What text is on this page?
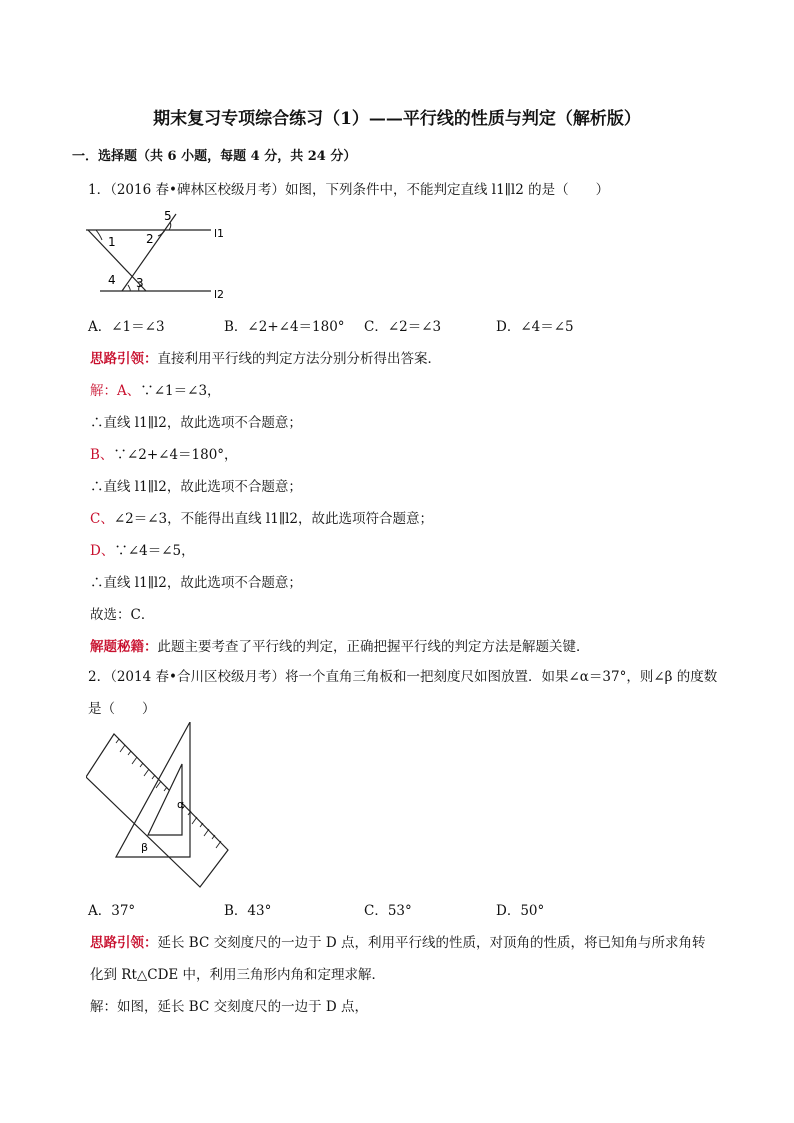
期末复习专项综合练习（1）——平行线的性质与判定（解析版）
一．选择题（共 6 小题，每题 4 分，共 24 分）
1．（2016 春•碑林区校级月考）如图，下列条件中，不能判定直线 l1∥l2 的是（　　）
1	2
3
4
5
l1
l2
A．∠1＝∠3	B．∠2+∠4＝180° C．∠2＝∠3	D．∠4＝∠5
思路引领：直接利用平行线的判定方法分别分析得出答案．
解：A、∵∠1＝∠3，
∴直线 l1∥l2，故此选项不合题意；
B、∵∠2+∠4＝180°，
∴直线 l1∥l2，故此选项不合题意；
C、∠2＝∠3，不能得出直线 l1∥l2，故此选项符合题意；
D、∵∠4＝∠5，
∴直线 l1∥l2，故此选项不合题意；
故选：C．
解题秘籍：此题主要考查了平行线的判定，正确把握平行线的判定方法是解题关键．
2．（2014 春•合川区校级月考）将一个直角三角板和一把刻度尺如图放置．如果∠α＝37°，则∠β 的度数
是（　　）
α
β
A．37°	B．43°	C．53°	D．50°
思路引领：延长 BC 交刻度尺的一边于 D 点，利用平行线的性质，对顶角的性质，将已知角与所求角转
化到 Rt△CDE 中，利用三角形内角和定理求解．
解：如图，延长 BC 交刻度尺的一边于 D 点，
